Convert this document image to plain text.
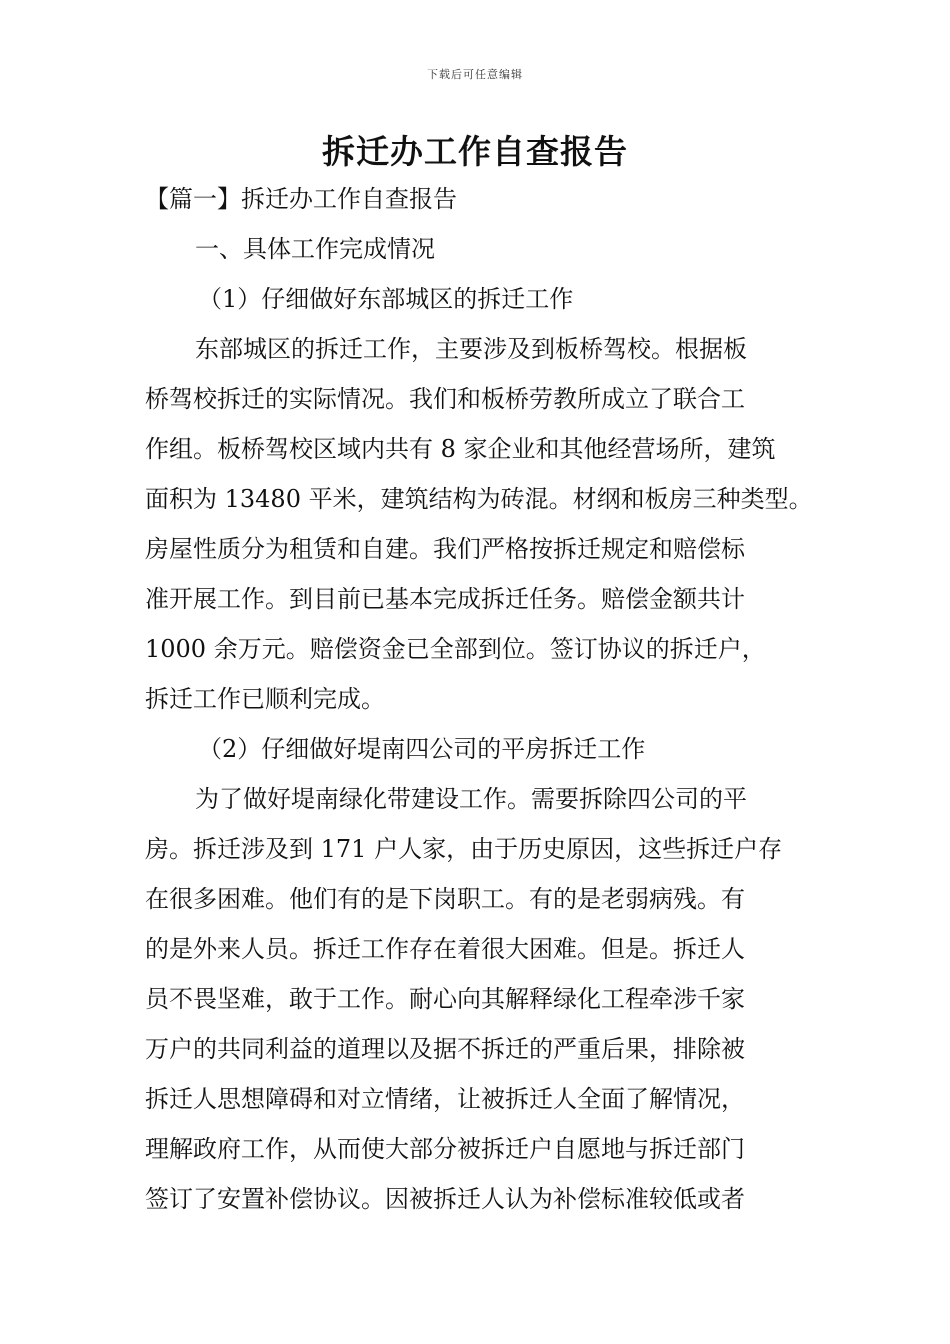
下载后可任意编辑
拆迁办工作自查报告
【篇一】拆迁办工作自查报告
一、具体工作完成情况
（1）仔细做好东部城区的拆迁工作
东部城区的拆迁工作，主要涉及到板桥驾校。根据板
桥驾校拆迁的实际情况。我们和板桥劳教所成立了联合工
作组。板桥驾校区域内共有 8 家企业和其他经营场所，建筑
面积为 13480 平米，建筑结构为砖混。材纲和板房三种类型。
房屋性质分为租赁和自建。我们严格按拆迁规定和赔偿标
准开展工作。到目前已基本完成拆迁任务。赔偿金额共计
1000 余万元。赔偿资金已全部到位。签订协议的拆迁户，
拆迁工作已顺利完成。
（2）仔细做好堤南四公司的平房拆迁工作
为了做好堤南绿化带建设工作。需要拆除四公司的平
房。拆迁涉及到 171 户人家，由于历史原因，这些拆迁户存
在很多困难。他们有的是下岗职工。有的是老弱病残。有
的是外来人员。拆迁工作存在着很大困难。但是。拆迁人
员不畏坚难，敢于工作。耐心向其解释绿化工程牵涉千家
万户的共同利益的道理以及据不拆迁的严重后果，排除被
拆迁人思想障碍和对立情绪，让被拆迁人全面了解情况，
理解政府工作，从而使大部分被拆迁户自愿地与拆迁部门
签订了安置补偿协议。因被拆迁人认为补偿标准较低或者
